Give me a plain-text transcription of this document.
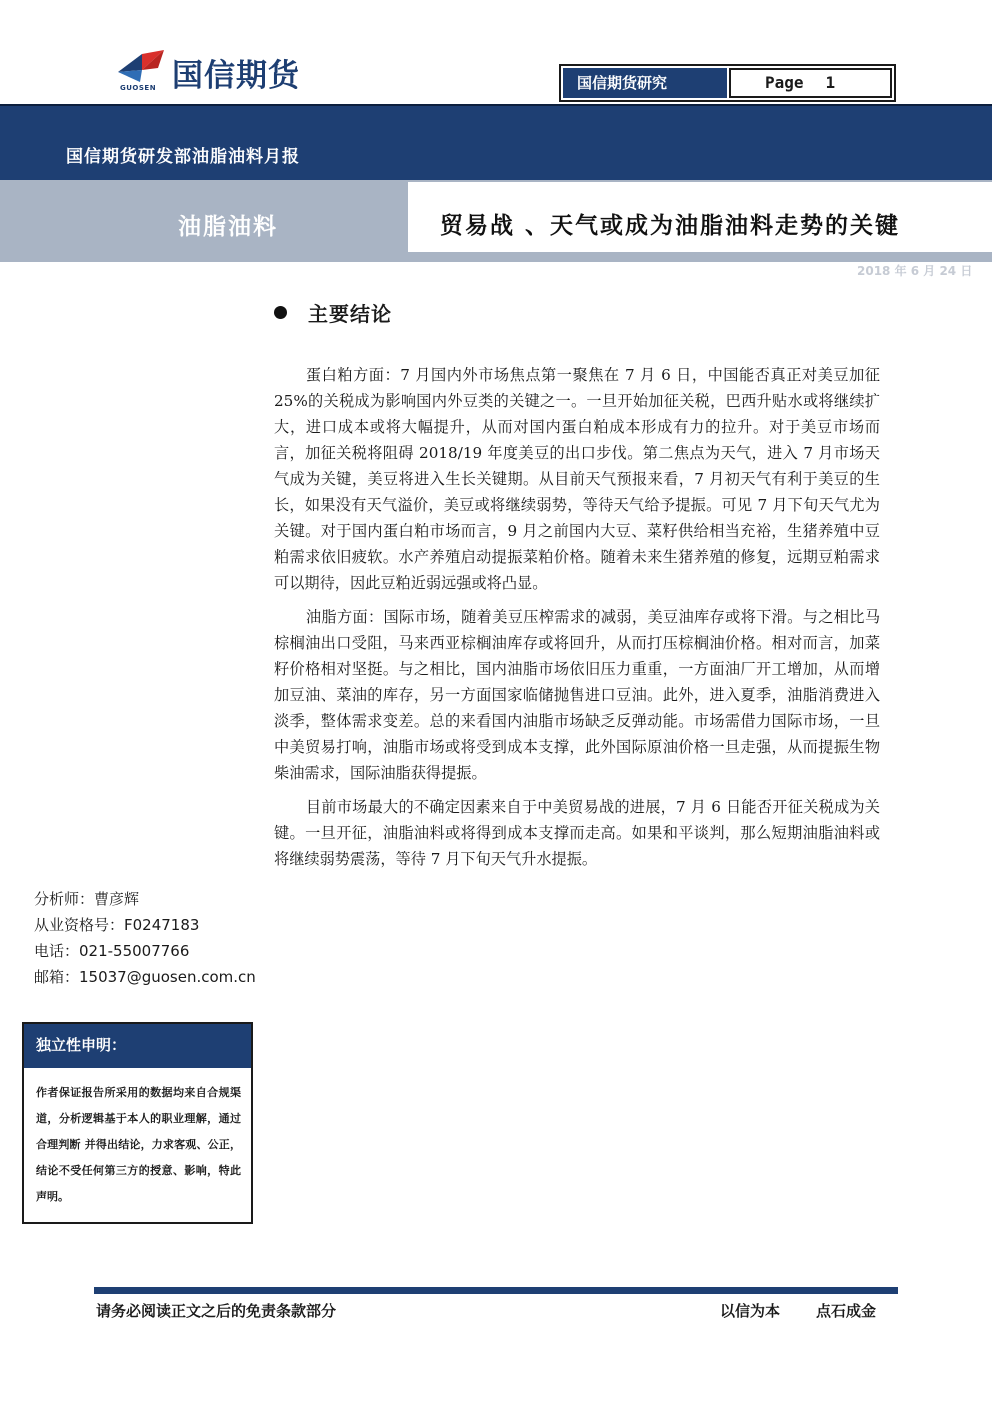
国信期货
GUOSEN	国信期货研究	Page 1
国信期货研发部油脂油料月报
油脂油料	贸易战 、天气或成为油脂油料走势的关键
2018 年 6 月 24 日
主要结论

蛋白粕方面：7 月国内外市场焦点第一聚焦在 7 月 6 日，中国能否真正对美豆加征 25%的关税成为影响国内外豆类的关键之一。一旦开始加征关税，巴西升贴水或将继续扩大，进口成本或将大幅提升，从而对国内蛋白粕成本形成有力的拉升。对于美豆市场而言，加征关税将阻碍 2018/19 年度美豆的出口步伐。第二焦点为天气，进入 7 月市场天气成为关键，美豆将进入生长关键期。从目前天气预报来看，7 月初天气有利于美豆的生长，如果没有天气溢价，美豆或将继续弱势，等待天气给予提振。可见 7 月下旬天气尤为关键。对于国内蛋白粕市场而言，9 月之前国内大豆、菜籽供给相当充裕，生猪养殖中豆粕需求依旧疲软。水产养殖启动提振菜粕价格。随着未来生猪养殖的修复，远期豆粕需求可以期待，因此豆粕近弱远强或将凸显。

油脂方面：国际市场，随着美豆压榨需求的减弱，美豆油库存或将下滑。与之相比马棕榈油出口受阻，马来西亚棕榈油库存或将回升，从而打压棕榈油价格。相对而言，加菜籽价格相对坚挺。与之相比，国内油脂市场依旧压力重重，一方面油厂开工增加，从而增加豆油、菜油的库存，另一方面国家临储抛售进口豆油。此外，进入夏季，油脂消费进入淡季，整体需求变差。总的来看国内油脂市场缺乏反弹动能。市场需借力国际市场，一旦中美贸易打响，油脂市场或将受到成本支撑，此外国际原油价格一旦走强，从而提振生物柴油需求，国际油脂获得提振。

目前市场最大的不确定因素来自于中美贸易战的进展，7 月 6 日能否开征关税成为关键。一旦开征，油脂油料或将得到成本支撑而走高。如果和平谈判，那么短期油脂油料或将继续弱势震荡，等待 7 月下旬天气升水提振。

分析师：曹彦辉
从业资格号：F0247183
电话：021-55007766
邮箱：15037@guosen.com.cn
独立性申明：
作者保证报告所采用的数据均来自合规渠道，分析逻辑基于本人的职业理解，通过合理判断 并得出结论，力求客观、公正，结论不受任何第三方的授意、影响，特此声明。
请务必阅读正文之后的免责条款部分	以信为本 点石成金
